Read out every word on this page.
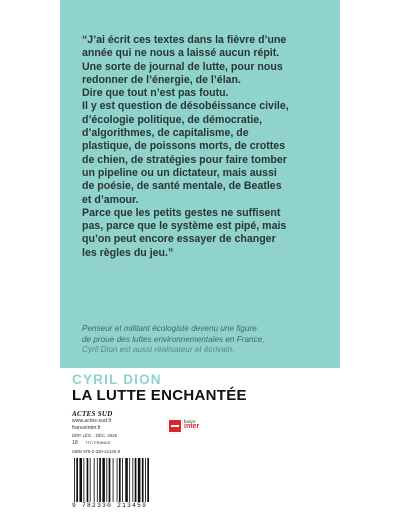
“J’ai écrit ces textes dans la fièvre d’une
année qui ne nous a laissé aucun répit.
Une sorte de journal de lutte, pour nous
redonner de l’énergie, de l’élan.
Dire que tout n’est pas foutu.
Il y est question de désobéissance civile,
d’écologie politique, de démocratie,
d’algorithmes, de capitalisme, de
plastique, de poissons morts, de crottes
de chien, de stratégies pour faire tomber
un pipeline ou un dictateur, mais aussi
de poésie, de santé mentale, de Beatles
et d’amour.
Parce que les petits gestes ne suffisent
pas, parce que le système est pipé, mais
qu’on peut encore essayer de changer
les règles du jeu.”
Penseur et militant écologiste devenu une figure
de proue des luttes environnementales en France,
Cyril Dion est aussi réalisateur et écrivain.
CYRIL DION
LA LUTTE ENCHANTÉE
ACTES SUD
www.actes-sud.fr
franceinter.fr
DÉP. LÉG. : DÉC. 2025
18 TTC FRANCE
ISBN 978-2-330-21345-9
france
inter
9 782330 213459
